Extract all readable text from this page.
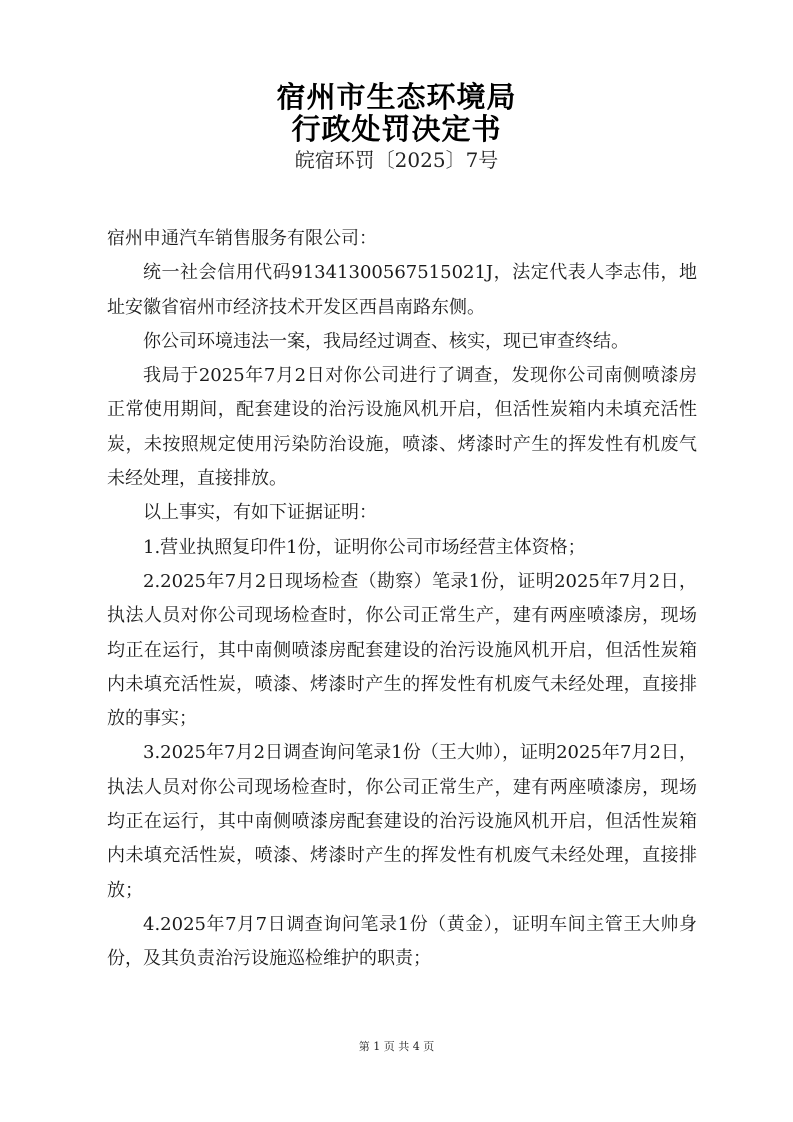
宿州市生态环境局
行政处罚决定书
皖宿环罚〔2025〕7号

宿州申通汽车销售服务有限公司：

统一社会信用代码91341300567515021J，法定代表人李志伟，地址安徽省宿州市经济技术开发区西昌南路东侧。

你公司环境违法一案，我局经过调查、核实，现已审查终结。

我局于2025年7月2日对你公司进行了调查，发现你公司南侧喷漆房正常使用期间，配套建设的治污设施风机开启，但活性炭箱内未填充活性炭，未按照规定使用污染防治设施，喷漆、烤漆时产生的挥发性有机废气未经处理，直接排放。

以上事实，有如下证据证明：

1.营业执照复印件1份，证明你公司市场经营主体资格；

2.2025年7月2日现场检查（勘察）笔录1份，证明2025年7月2日，执法人员对你公司现场检查时，你公司正常生产，建有两座喷漆房，现场均正在运行，其中南侧喷漆房配套建设的治污设施风机开启，但活性炭箱内未填充活性炭，喷漆、烤漆时产生的挥发性有机废气未经处理，直接排放的事实；

3.2025年7月2日调查询问笔录1份（王大帅），证明2025年7月2日，执法人员对你公司现场检查时，你公司正常生产，建有两座喷漆房，现场均正在运行，其中南侧喷漆房配套建设的治污设施风机开启，但活性炭箱内未填充活性炭，喷漆、烤漆时产生的挥发性有机废气未经处理，直接排放；

4.2025年7月7日调查询问笔录1份（黄金），证明车间主管王大帅身份，及其负责治污设施巡检维护的职责；

第 1 页 共 4 页
